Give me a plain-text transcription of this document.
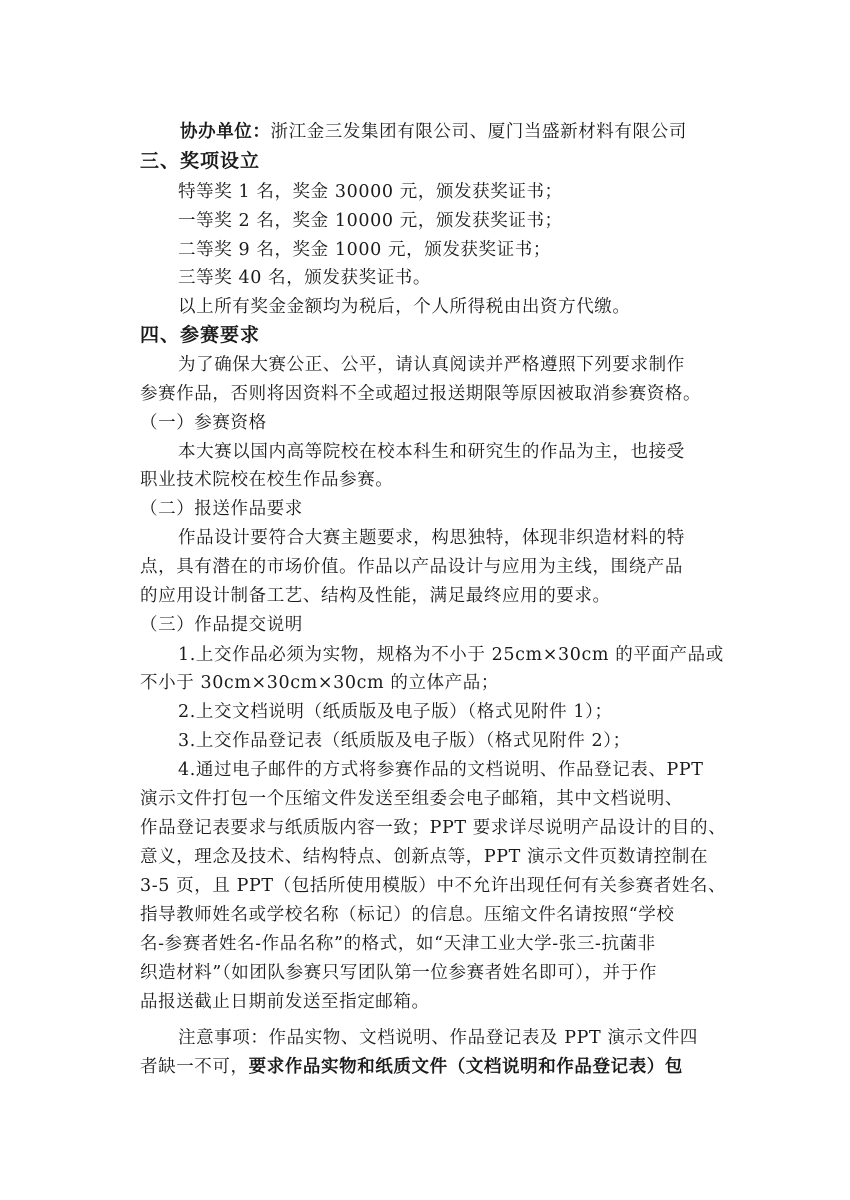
协办单位：浙江金三发集团有限公司、厦门当盛新材料有限公司
三、奖项设立
特等奖 1 名，奖金 30000 元，颁发获奖证书；
一等奖 2 名，奖金 10000 元，颁发获奖证书；
二等奖 9 名，奖金 1000 元，颁发获奖证书；
三等奖 40 名，颁发获奖证书。
以上所有奖金金额均为税后，个人所得税由出资方代缴。
四、参赛要求
为了确保大赛公正、公平，请认真阅读并严格遵照下列要求制作
参赛作品，否则将因资料不全或超过报送期限等原因被取消参赛资格。
（一）参赛资格
本大赛以国内高等院校在校本科生和研究生的作品为主，也接受
职业技术院校在校生作品参赛。
（二）报送作品要求
作品设计要符合大赛主题要求，构思独特，体现非织造材料的特
点，具有潜在的市场价值。作品以产品设计与应用为主线，围绕产品
的应用设计制备工艺、结构及性能，满足最终应用的要求。
（三）作品提交说明
1.上交作品必须为实物，规格为不小于 25cm×30cm 的平面产品或
不小于 30cm×30cm×30cm 的立体产品；
2.上交文档说明（纸质版及电子版）（格式见附件 1）；
3.上交作品登记表（纸质版及电子版）（格式见附件 2）；
4.通过电子邮件的方式将参赛作品的文档说明、作品登记表、PPT
演示文件打包一个压缩文件发送至组委会电子邮箱，其中文档说明、
作品登记表要求与纸质版内容一致；PPT 要求详尽说明产品设计的目的、
意义，理念及技术、结构特点、创新点等，PPT 演示文件页数请控制在
3-5 页，且 PPT（包括所使用模版）中不允许出现任何有关参赛者姓名、
指导教师姓名或学校名称（标记）的信息。压缩文件名请按照“学校
名-参赛者姓名-作品名称”的格式，如“天津工业大学-张三-抗菌非
织造材料”（如团队参赛只写团队第一位参赛者姓名即可），并于作
品报送截止日期前发送至指定邮箱。
注意事项：作品实物、文档说明、作品登记表及 PPT 演示文件四
者缺一不可，要求作品实物和纸质文件（文档说明和作品登记表）包
